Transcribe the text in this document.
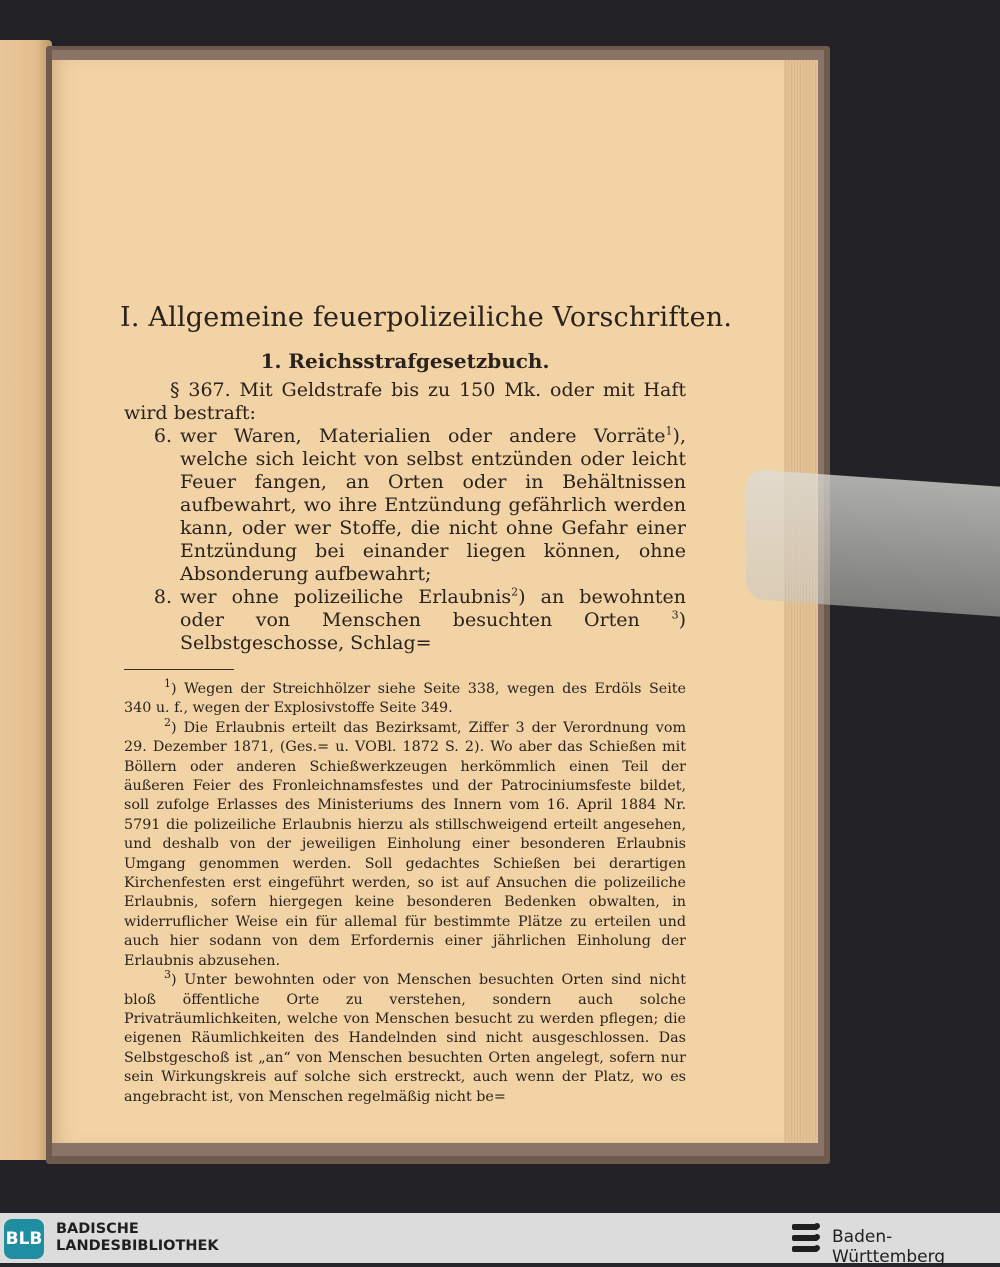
I. Allgemeine feuerpolizeiliche Vorschriften.
1. Reichsstrafgesetzbuch.
§ 367. Mit Geldstrafe bis zu 150 Mk. oder mit Haft wird bestraft:
6. wer Waren, Materialien oder andere Vorräte$^1$), welche sich leicht von selbst entzünden oder leicht Feuer fangen, an Orten oder in Behältnissen aufbewahrt, wo ihre Entzündung gefährlich werden kann, oder wer Stoffe, die nicht ohne Gefahr einer Entzündung bei einander liegen können, ohne Absonderung aufbewahrt;
8. wer ohne polizeiliche Erlaubnis$^2$) an bewohnten oder von Menschen besuchten Orten $^3$) Selbstgeschosse, Schlag=

$^1$) Wegen der Streichhölzer siehe Seite 338, wegen des Erdöls Seite 340 u. f., wegen der Explosivstoffe Seite 349.

$^2$) Die Erlaubnis erteilt das Bezirksamt, Ziffer 3 der Verordnung vom 29. Dezember 1871, (Ges.= u. VOBl. 1872 S. 2). Wo aber das Schießen mit Böllern oder anderen Schießwerkzeugen herkömmlich einen Teil der äußeren Feier des Fronleichnamsfestes und der Patrociniumsfeste bildet, soll zufolge Erlasses des Ministeriums des Innern vom 16. April 1884 Nr. 5791 die polizeiliche Erlaubnis hierzu als stillschweigend erteilt angesehen, und deshalb von der jeweiligen Einholung einer besonderen Erlaubnis Umgang genommen werden. Soll gedachtes Schießen bei derartigen Kirchenfesten erst eingeführt werden, so ist auf Ansuchen die polizeiliche Erlaubnis, sofern hiergegen keine besonderen Bedenken obwalten, in widerruflicher Weise ein für allemal für bestimmte Plätze zu erteilen und auch hier sodann von dem Erfordernis einer jährlichen Einholung der Erlaubnis abzusehen.

$^3$) Unter bewohnten oder von Menschen besuchten Orten sind nicht bloß öffentliche Orte zu verstehen, sondern auch solche Privaträumlichkeiten, welche von Menschen besucht zu werden pflegen; die eigenen Räumlichkeiten des Handelnden sind nicht ausgeschlossen. Das Selbstgeschoß ist „an“ von Menschen besuchten Orten angelegt, sofern nur sein Wirkungskreis auf solche sich erstreckt, auch wenn der Platz, wo es angebracht ist, von Menschen regelmäßig nicht be=

BLB BADISCHE
LANDESBIBLIOTHEK	Baden-Württemberg
